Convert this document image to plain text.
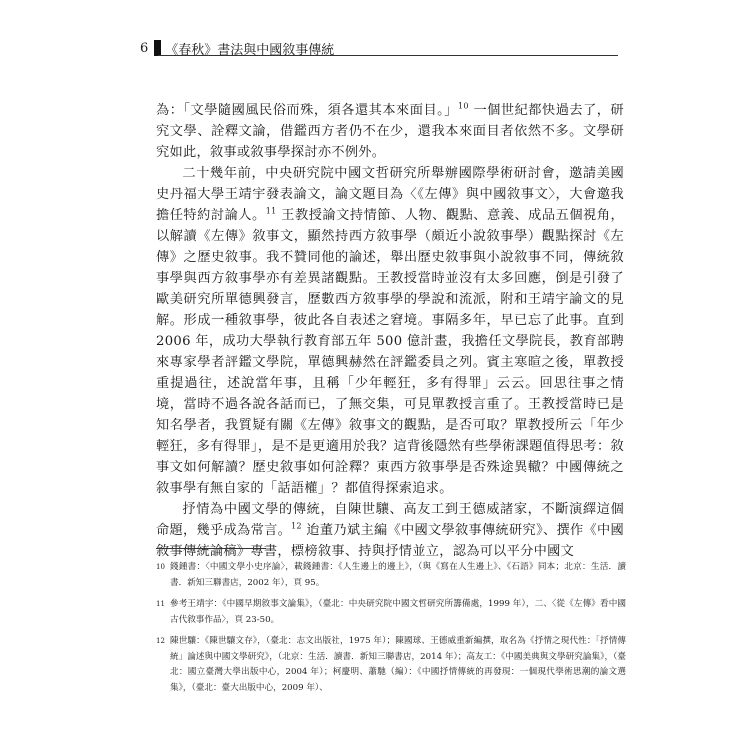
6 《春秋》書法與中國敘事傳統

為：「文學隨國風民俗而殊，須各還其本來面目。」$^{10}$ 一個世紀都快過去了，研究文學、詮釋文論，借鑑西方者仍不在少，還我本來面目者依然不多。文學研究如此，敘事或敘事學探討亦不例外。

二十幾年前，中央研究院中國文哲研究所舉辦國際學術研討會，邀請美國史丹福大學王靖宇發表論文，論文題目為〈《左傳》與中國敘事文〉，大會邀我擔任特約討論人。$^{11}$ 王教授論文持情節、人物、觀點、意義、成品五個視角，以解讀《左傳》敘事文，顯然持西方敘事學（頗近小說敘事學）觀點探討《左傳》之歷史敘事。我不贊同他的論述，舉出歷史敘事與小說敘事不同，傳統敘事學與西方敘事學亦有差異諸觀點。王教授當時並沒有太多回應，倒是引發了歐美研究所單德興發言，歷數西方敘事學的學說和流派，附和王靖宇論文的見解。形成一種敘事學，彼此各自表述之窘境。事隔多年，早已忘了此事。直到 2006 年，成功大學執行教育部五年 500 億計畫，我擔任文學院長，教育部聘來專家學者評鑑文學院，單德興赫然在評鑑委員之列。賓主寒暄之後，單教授重提過往，述說當年事，且稱「少年輕狂，多有得罪」云云。回思往事之情境，當時不過各說各話而已，了無交集，可見單教授言重了。王教授當時已是知名學者，我質疑有關《左傳》敘事文的觀點，是否可取？單教授所云「年少輕狂，多有得罪」，是不是更適用於我？這背後隱然有些學術課題值得思考：敘事文如何解讀？歷史敘事如何詮釋？東西方敘事學是否殊途異轍？中國傳統之敘事學有無自家的「話語權」？都值得探索追求。

抒情為中國文學的傳統，自陳世驤、高友工到王德威諸家，不斷演繹這個命題，幾乎成為常言。$^{12}$ 迨董乃斌主編《中國文學敘事傳統研究》、撰作《中國敘事傳統論稿》專書，標榜敘事、持與抒情並立，認為可以平分中國文

10 錢鍾書：〈中國文學小史序論〉，載錢鍾書：《人生邊上的邊上》，（與《寫在人生邊上》、《石語》同本；北京：生活．讀書．新知三聯書店，2002 年），頁 95。
11 參考王靖宇：《中國早期敘事文論集》，（臺北：中央研究院中國文哲研究所籌備處，1999 年），二、〈從《左傳》看中國古代敘事作品〉，頁 23-50。
12 陳世驤：《陳世驤文存》，（臺北：志文出版社，1975 年）；陳國球、王德威重新編撰，取名為《抒情之現代性：「抒情傳統」論述與中國文學研究》，（北京：生活．讀書．新知三聯書店，2014 年）；高友工：《中國美典與文學研究論集》，（臺北：國立臺灣大學出版中心，2004 年）；柯慶明、蕭馳（編）：《中國抒情傳統的再發現：一個現代學術思潮的論文選集》，（臺北：臺大出版中心，2009 年）、
